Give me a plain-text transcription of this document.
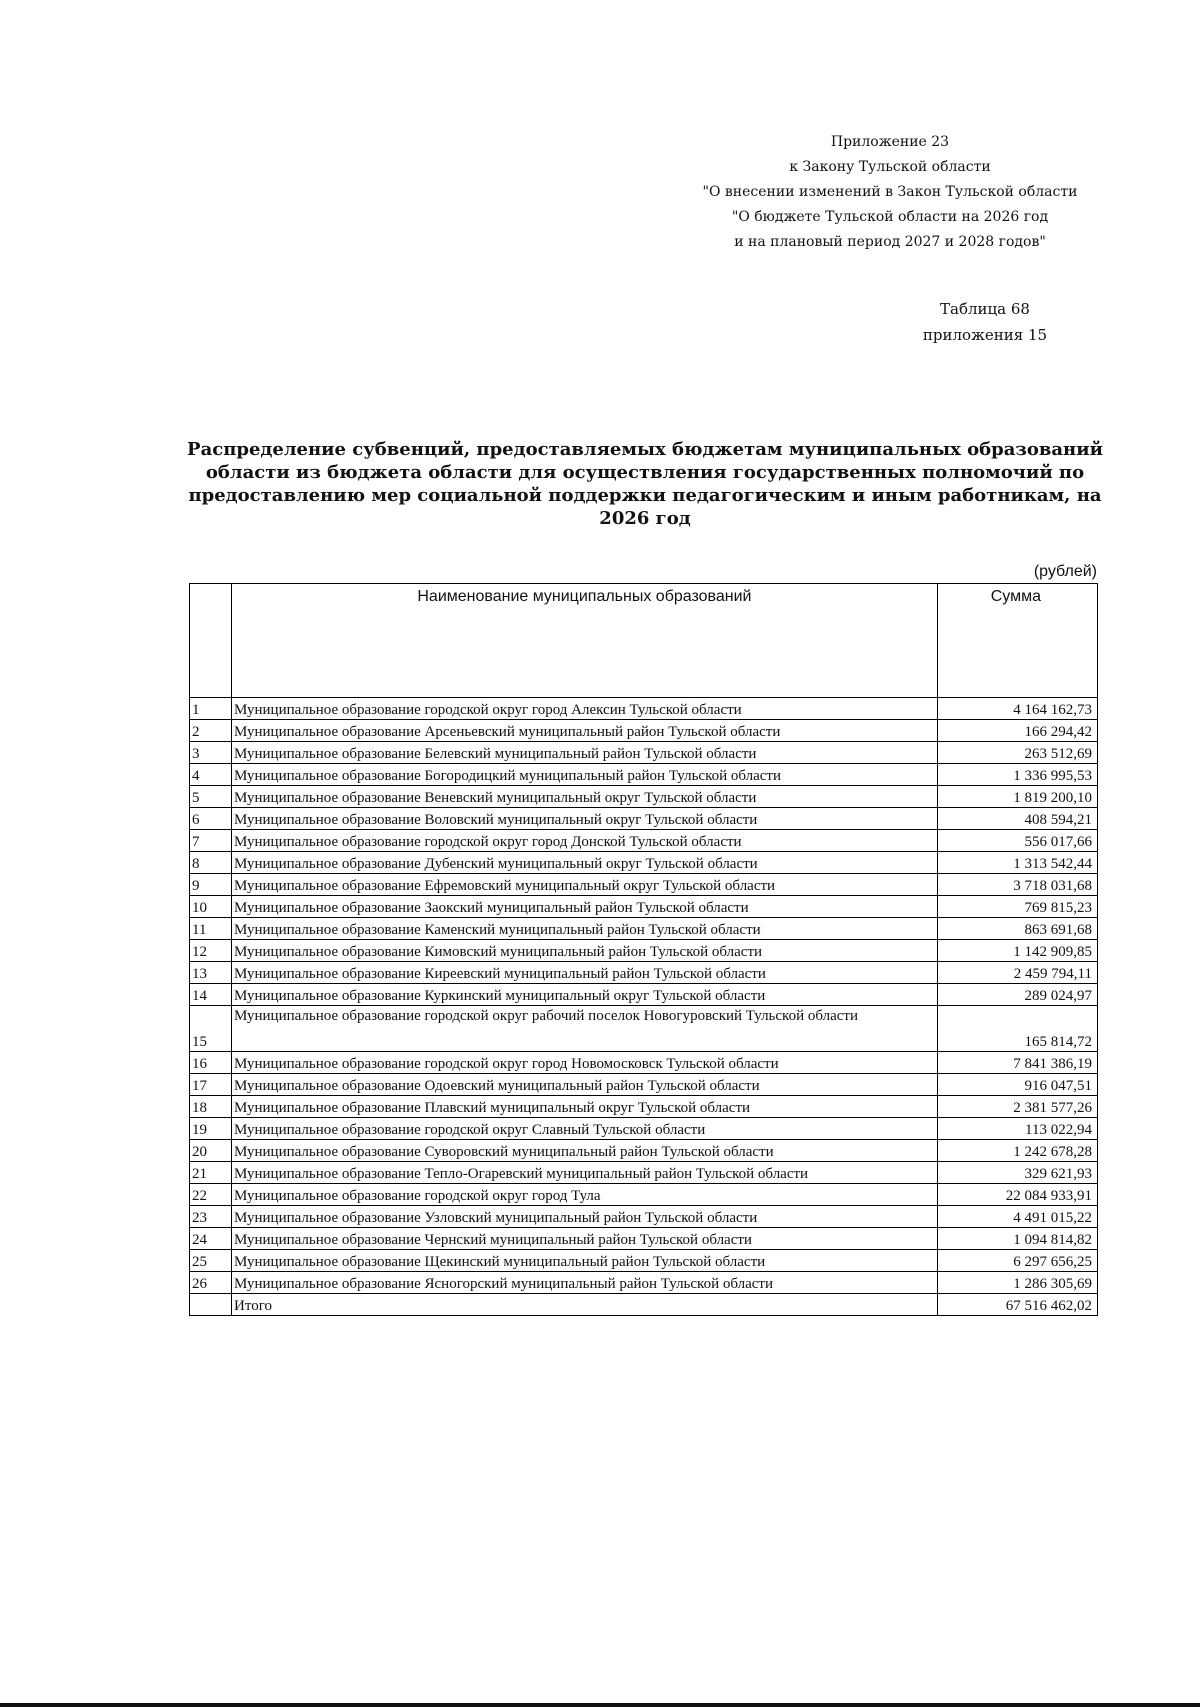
Приложение 23
к Закону Тульской области
"О внесении изменений в Закон Тульской области
"О бюджете Тульской области на 2026 год
и на плановый период 2027 и 2028 годов"
Таблица 68
приложения 15
Распределение субвенций, предоставляемых бюджетам муниципальных образований области из бюджета области для осуществления государственных полномочий по предоставлению мер социальной поддержки педагогическим и иным работникам, на 2026 год
(рублей)
	Наименование муниципальных образований	Сумма
1	Муниципальное образование городской округ город Алексин Тульской области	4 164 162,73
2	Муниципальное образование Арсеньевский муниципальный район Тульской области	166 294,42
3	Муниципальное образование Белевский муниципальный район Тульской области	263 512,69
4	Муниципальное образование Богородицкий муниципальный район Тульской области	1 336 995,53
5	Муниципальное образование Веневский муниципальный округ Тульской области	1 819 200,10
6	Муниципальное образование Воловский муниципальный округ Тульской области	408 594,21
7	Муниципальное образование городской округ город Донской Тульской области	556 017,66
8	Муниципальное образование Дубенский муниципальный округ Тульской области	1 313 542,44
9	Муниципальное образование Ефремовский муниципальный округ Тульской области	3 718 031,68
10	Муниципальное образование Заокский муниципальный район Тульской области	769 815,23
11	Муниципальное образование Каменский муниципальный район Тульской области	863 691,68
12	Муниципальное образование Кимовский муниципальный район Тульской области	1 142 909,85
13	Муниципальное образование Киреевский муниципальный район Тульской области	2 459 794,11
14	Муниципальное образование Куркинский муниципальный округ Тульской области	289 024,97
15	Муниципальное образование городской округ рабочий поселок Новогуровский Тульской области	165 814,72
16	Муниципальное образование городской округ город Новомосковск Тульской области	7 841 386,19
17	Муниципальное образование Одоевский муниципальный район Тульской области	916 047,51
18	Муниципальное образование Плавский муниципальный округ Тульской области	2 381 577,26
19	Муниципальное образование городской округ Славный Тульской области	113 022,94
20	Муниципальное образование Суворовский муниципальный район Тульской области	1 242 678,28
21	Муниципальное образование Тепло-Огаревский муниципальный район Тульской области	329 621,93
22	Муниципальное образование городской округ город Тула	22 084 933,91
23	Муниципальное образование Узловский муниципальный район Тульской области	4 491 015,22
24	Муниципальное образование Чернский муниципальный район Тульской области	1 094 814,82
25	Муниципальное образование Щекинский муниципальный район Тульской области	6 297 656,25
26	Муниципальное образование Ясногорский муниципальный район Тульской области	1 286 305,69
	Итого	67 516 462,02
